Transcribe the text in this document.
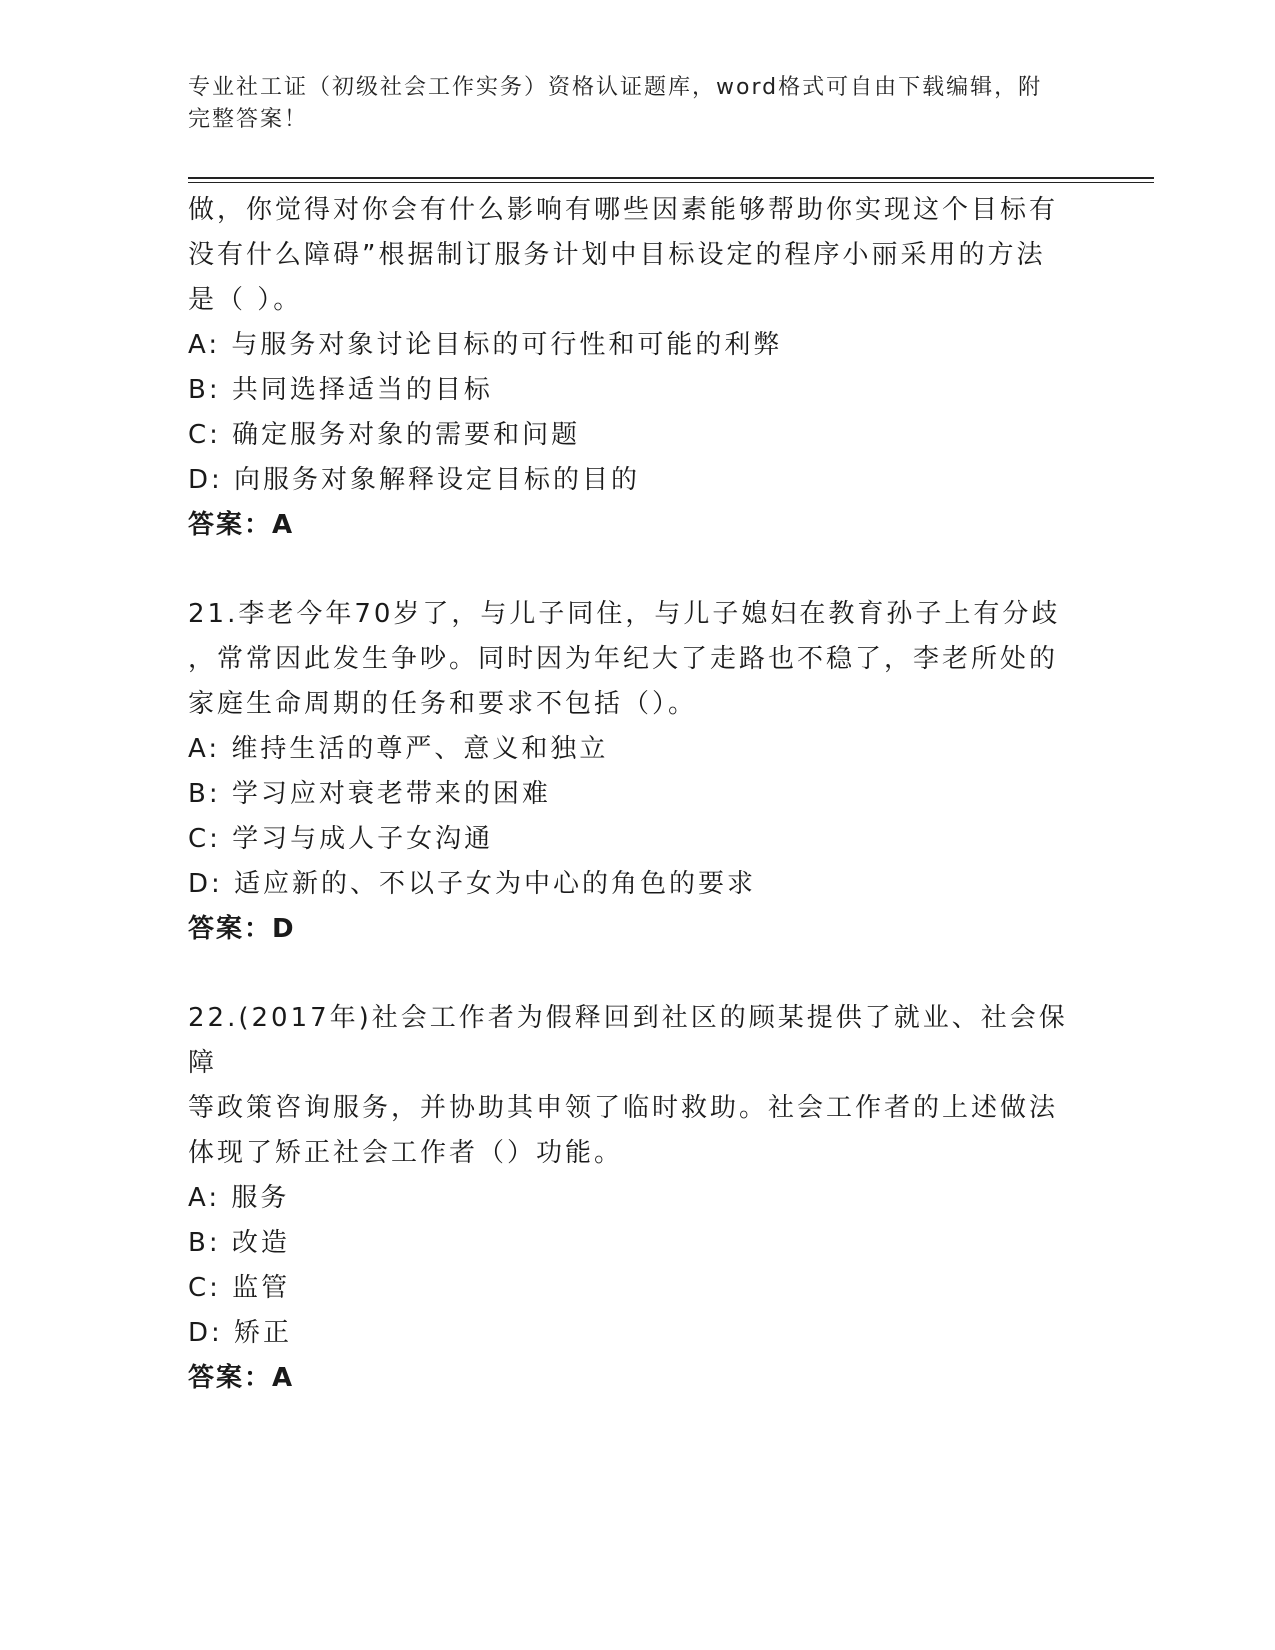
专业社工证（初级社会工作实务）资格认证题库，word格式可自由下载编辑，附
完整答案！
做，你觉得对你会有什么影响有哪些因素能够帮助你实现这个目标有
没有什么障碍”根据制订服务计划中目标设定的程序小丽采用的方法
是（ ）。
A: 与服务对象讨论目标的可行性和可能的利弊
B: 共同选择适当的目标
C: 确定服务对象的需要和问题
D: 向服务对象解释设定目标的目的
答案：A
21.李老今年70岁了，与儿子同住，与儿子媳妇在教育孙子上有分歧
，常常因此发生争吵。同时因为年纪大了走路也不稳了，李老所处的
家庭生命周期的任务和要求不包括（）。
A: 维持生活的尊严、意义和独立
B: 学习应对衰老带来的困难
C: 学习与成人子女沟通
D: 适应新的、不以子女为中心的角色的要求
答案：D
22.(2017年)社会工作者为假释回到社区的顾某提供了就业、社会保障
等政策咨询服务，并协助其申领了临时救助。社会工作者的上述做法
体现了矫正社会工作者（）功能。
A: 服务
B: 改造
C: 监管
D: 矫正
答案：A
